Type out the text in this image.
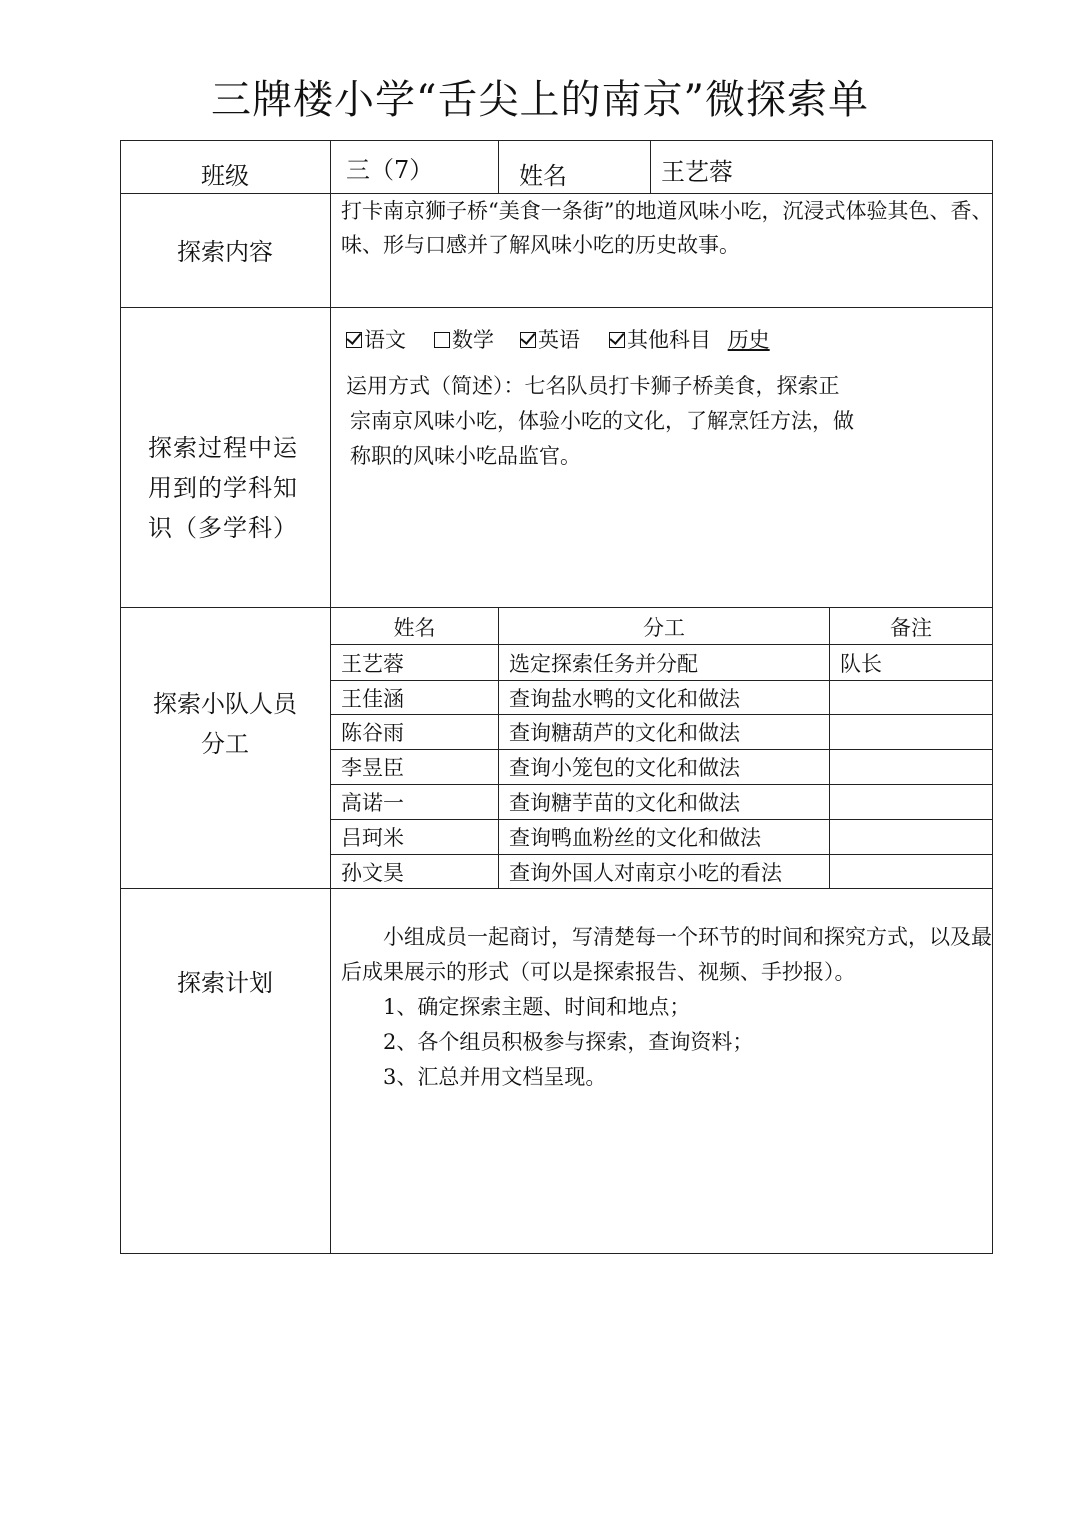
三牌楼小学“舌尖上的南京”微探索单
班级	三（7）	姓名	王艺蓉
探索内容
打卡南京狮子桥“美食一条街”的地道风味小吃，沉浸式体验其色、香、
味、形与口感并了解风味小吃的历史故事。
探索过程中运
用到的学科知
识（多学科）
语文	数学	英语	其他科目 历史
运用方式（简述）：七名队员打卡狮子桥美食，探索正
宗南京风味小吃，体验小吃的文化，了解烹饪方法，做
称职的风味小吃品监官。
探索小队人员
分工
姓名	分工	备注
王艺蓉	选定探索任务并分配	队长
王佳涵	查询盐水鸭的文化和做法
陈谷雨	查询糖葫芦的文化和做法
李昱臣	查询小笼包的文化和做法
高诺一	查询糖芋苗的文化和做法
吕珂米	查询鸭血粉丝的文化和做法
孙文昊	查询外国人对南京小吃的看法
探索计划
小组成员一起商讨，写清楚每一个环节的时间和探究方式，以及最
后成果展示的形式（可以是探索报告、视频、手抄报）。
1、确定探索主题、时间和地点；
2、各个组员积极参与探索，查询资料；
3、汇总并用文档呈现。
